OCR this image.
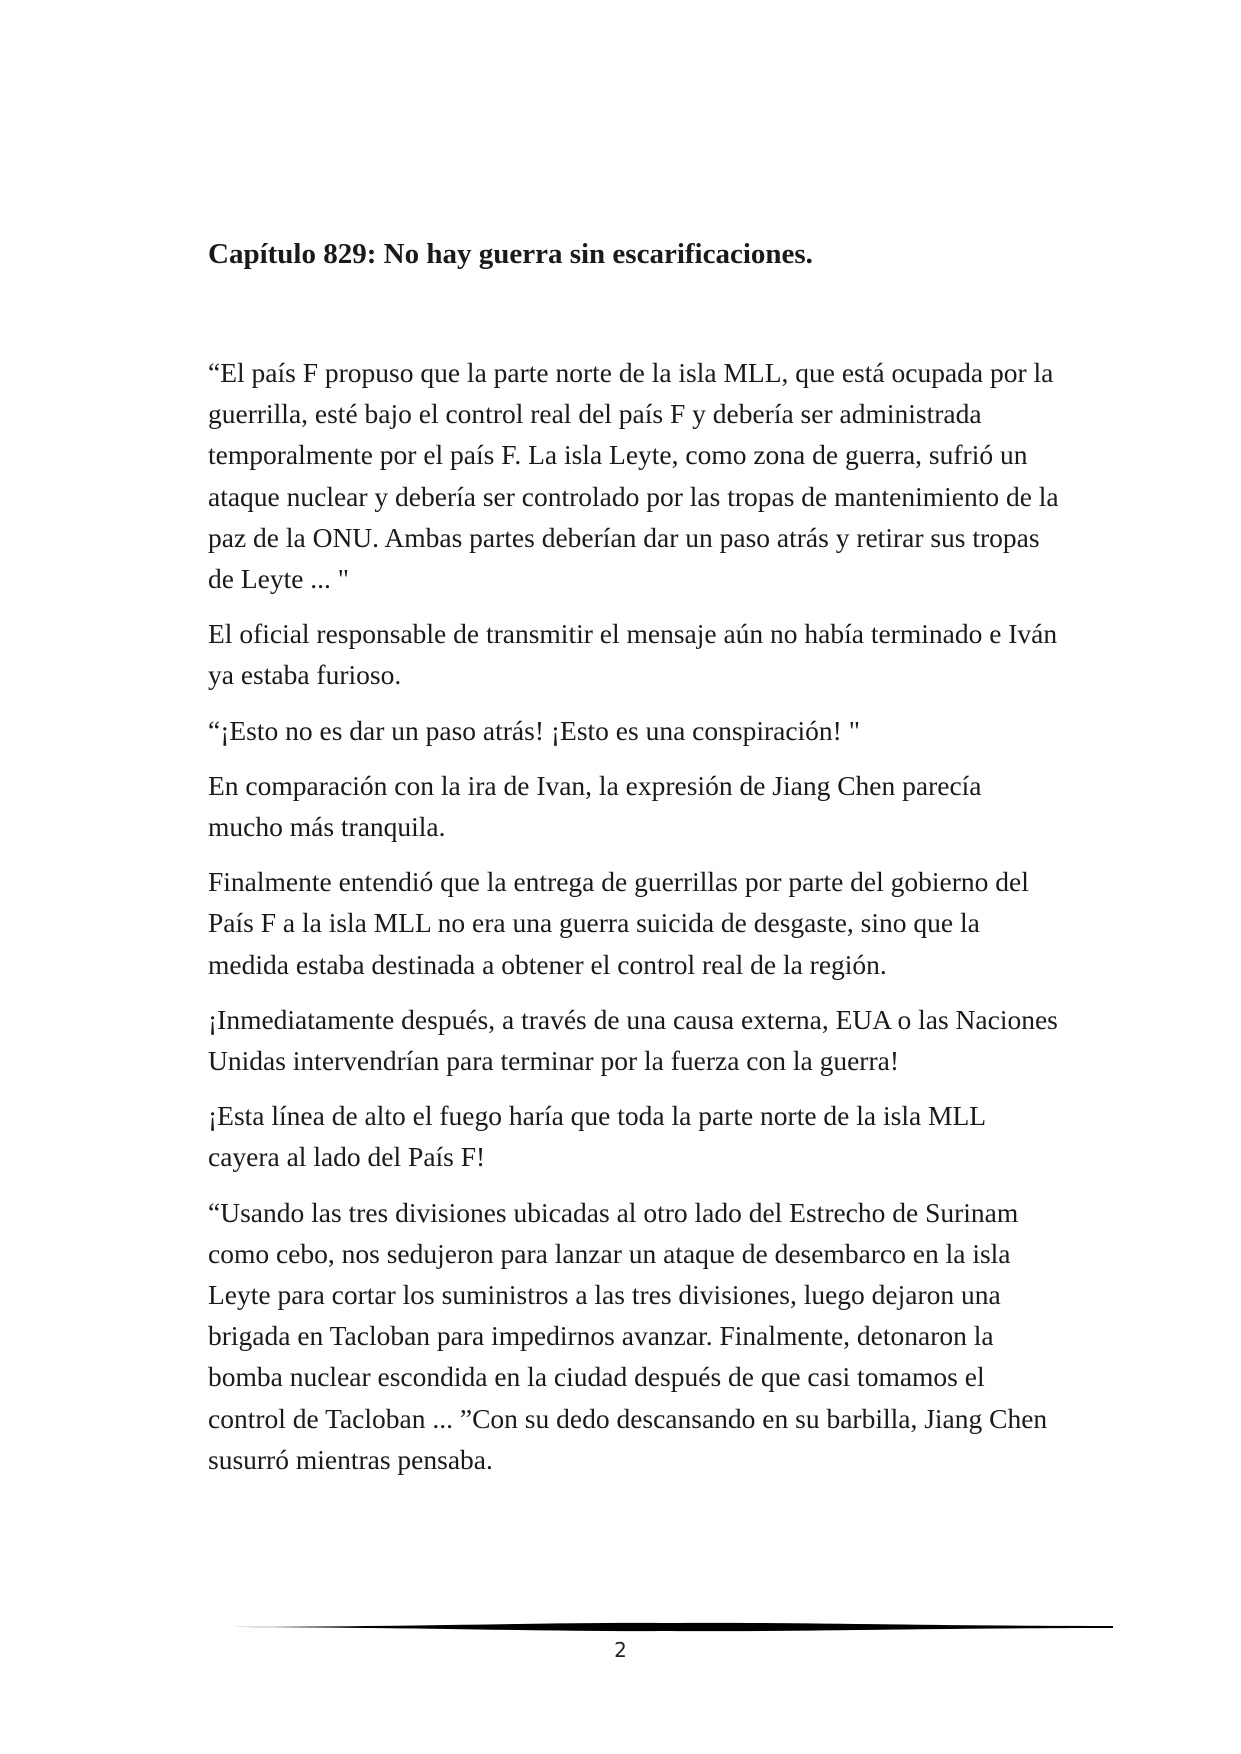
Capítulo 829: No hay guerra sin escarificaciones.

“El país F propuso que la parte norte de la isla MLL, que está ocupada por la guerrilla, esté bajo el control real del país F y debería ser administrada temporalmente por el país F. La isla Leyte, como zona de guerra, sufrió un ataque nuclear y debería ser controlado por las tropas de mantenimiento de la paz de la ONU. Ambas partes deberían dar un paso atrás y retirar sus tropas de Leyte ... "

El oficial responsable de transmitir el mensaje aún no había terminado e Iván ya estaba furioso.

“¡Esto no es dar un paso atrás! ¡Esto es una conspiración! "

En comparación con la ira de Ivan, la expresión de Jiang Chen parecía mucho más tranquila.

Finalmente entendió que la entrega de guerrillas por parte del gobierno del País F a la isla MLL no era una guerra suicida de desgaste, sino que la medida estaba destinada a obtener el control real de la región.

¡Inmediatamente después, a través de una causa externa, EUA o las Naciones Unidas intervendrían para terminar por la fuerza con la guerra!

¡Esta línea de alto el fuego haría que toda la parte norte de la isla MLL cayera al lado del País F!

“Usando las tres divisiones ubicadas al otro lado del Estrecho de Surinam como cebo, nos sedujeron para lanzar un ataque de desembarco en la isla Leyte para cortar los suministros a las tres divisiones, luego dejaron una brigada en Tacloban para impedirnos avanzar. Finalmente, detonaron la bomba nuclear escondida en la ciudad después de que casi tomamos el control de Tacloban ... ”Con su dedo descansando en su barbilla, Jiang Chen susurró mientras pensaba.

2
